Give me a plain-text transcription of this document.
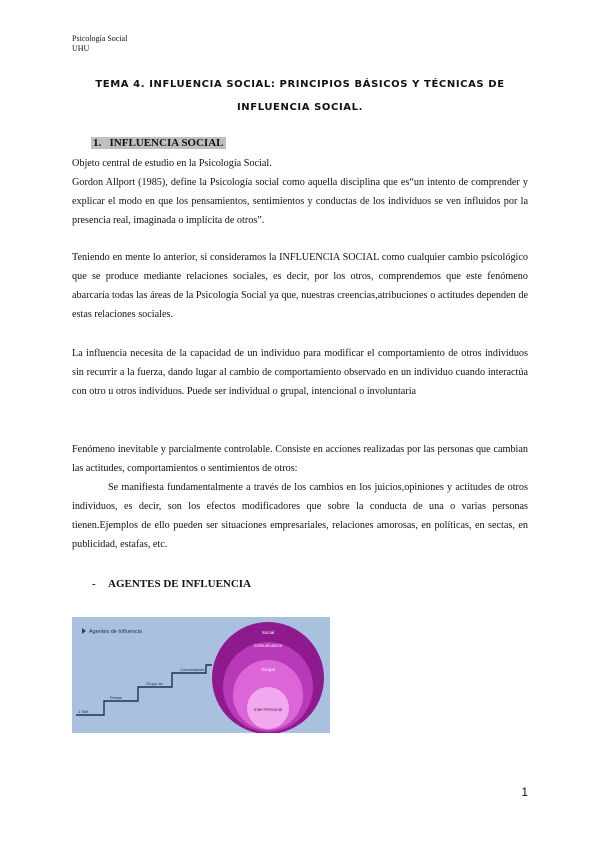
Psicología Social
UHU
TEMA 4. INFLUENCIA SOCIAL: PRINCIPIOS BÁSICOS Y TÉCNICAS DE
INFLUENCIA SOCIAL.
1. INFLUENCIA SOCIAL
Objeto central de estudio en la Psicología Social.
Gordon Allport (1985), define la Psicología social como aquella disciplina que es“un intento de comprender y explicar el modo en que los pensamientos, sentimientos y conductas de los individuos se ven influidos por la presencia real, imaginada o implícita de otros”.
Teniendo en mente lo anterior, si consideramos la INFLUENCIA SOCIAL como cualquier cambio psicológico que se produce mediante relaciones sociales, es decir, por los otros, comprendemos que este fenómeno abarcaría todas las áreas de la Psicología Social ya que, nuestras creencias,atribuciones o actitudes dependen de estas relaciones sociales.
La influencia necesita de la capacidad de un individuo para modificar el comportamiento de otros individuos sin recurrir a la fuerza, dando lugar al cambio de comportamiento observado en un individuo cuando interactúa con otro u otros individuos. Puede ser individual o grupal, intencional o involuntaria
Fenómeno inevitable y parcialmente controlable. Consiste en acciones realizadas por las personas que cambian las actitudes, comportamientos o sentimientos de otros:
Se manifiesta fundamentalmente a través de los cambios en los juicios,opiniones y actitudes de otros individuos, es decir, son los efectos modificadores que sobre la conducta de una o varias personas tienen.Ejemplos de ello pueden ser situaciones empresariales, relaciones amorosas, en políticas, en sectas, en publicidad, estafas, etc.
- AGENTES DE INFLUENCIA
Agentes de Influencia
1 Self
Pareja
Grupo de
Comunidades
Social
Comunicacion
Grupal
Inter-Personal
1
